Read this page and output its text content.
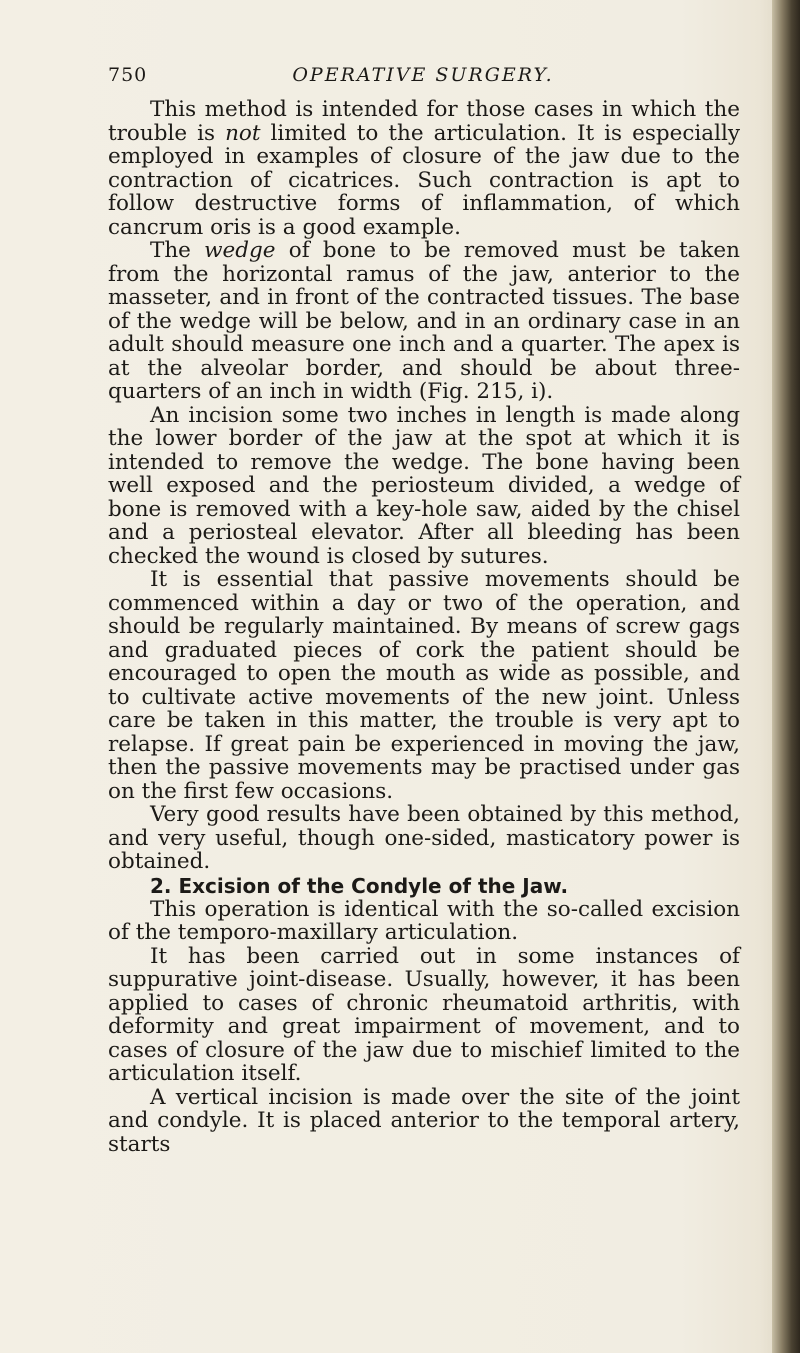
750	OPERATIVE SURGERY.

This method is intended for those cases in which the trouble is not limited to the articulation. It is especially employed in examples of closure of the jaw due to the contraction of cicatrices. Such contraction is apt to follow destructive forms of inflammation, of which cancrum oris is a good example.

The wedge of bone to be removed must be taken from the horizontal ramus of the jaw, anterior to the masseter, and in front of the contracted tissues. The base of the wedge will be below, and in an ordinary case in an adult should measure one inch and a quarter. The apex is at the alveolar border, and should be about three-quarters of an inch in width (Fig. 215, i).

An incision some two inches in length is made along the lower border of the jaw at the spot at which it is intended to remove the wedge. The bone having been well exposed and the periosteum divided, a wedge of bone is removed with a key-hole saw, aided by the chisel and a periosteal elevator. After all bleeding has been checked the wound is closed by sutures.

It is essential that passive movements should be commenced within a day or two of the operation, and should be regularly maintained. By means of screw gags and graduated pieces of cork the patient should be encouraged to open the mouth as wide as possible, and to cultivate active movements of the new joint. Unless care be taken in this matter, the trouble is very apt to relapse. If great pain be experienced in moving the jaw, then the passive movements may be practised under gas on the first few occasions.

Very good results have been obtained by this method, and very useful, though one-sided, masticatory power is obtained.

2. Excision of the Condyle of the Jaw.

This operation is identical with the so-called excision of the temporo-maxillary articulation.

It has been carried out in some instances of suppurative joint-disease. Usually, however, it has been applied to cases of chronic rheumatoid arthritis, with deformity and great impairment of movement, and to cases of closure of the jaw due to mischief limited to the articulation itself.

A vertical incision is made over the site of the joint and condyle. It is placed anterior to the temporal artery, starts
